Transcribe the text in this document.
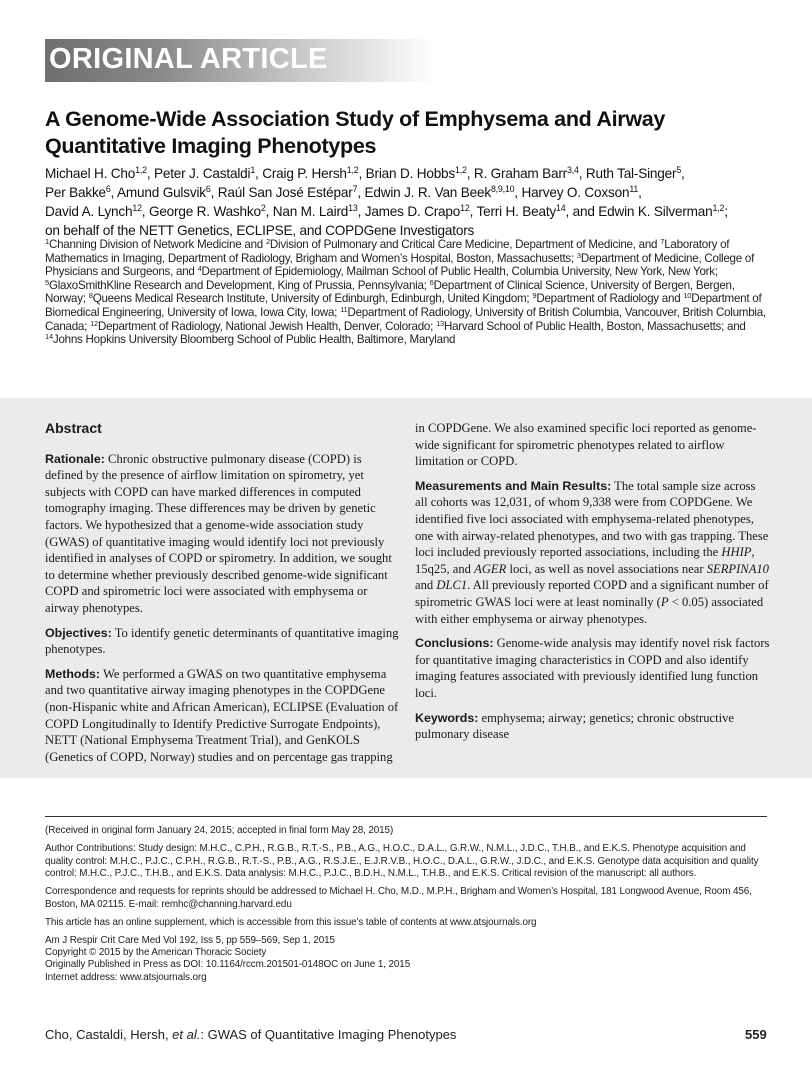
ORIGINAL ARTICLE
A Genome-Wide Association Study of Emphysema and Airway Quantitative Imaging Phenotypes
Michael H. Cho$^{1,2}$, Peter J. Castaldi$^1$, Craig P. Hersh$^{1,2}$, Brian D. Hobbs$^{1,2}$, R. Graham Barr$^{3,4}$, Ruth Tal-Singer$^5$,
Per Bakke$^6$, Amund Gulsvik$^6$, Raúl San José Estépar$^7$, Edwin J. R. Van Beek$^{8,9,10}$, Harvey O. Coxson$^{11}$,
David A. Lynch$^{12}$, George R. Washko$^2$, Nan M. Laird$^{13}$, James D. Crapo$^{12}$, Terri H. Beaty$^{14}$, and Edwin K. Silverman$^{1,2}$;
on behalf of the NETT Genetics, ECLIPSE, and COPDGene Investigators
$^1$Channing Division of Network Medicine and $^2$Division of Pulmonary and Critical Care Medicine, Department of Medicine, and $^7$Laboratory of Mathematics in Imaging, Department of Radiology, Brigham and Women’s Hospital, Boston, Massachusetts; $^3$Department of Medicine, College of Physicians and Surgeons, and $^4$Department of Epidemiology, Mailman School of Public Health, Columbia University, New York, New York; $^5$GlaxoSmithKline Research and Development, King of Prussia, Pennsylvania; $^6$Department of Clinical Science, University of Bergen, Bergen, Norway; $^8$Queens Medical Research Institute, University of Edinburgh, Edinburgh, United Kingdom; $^9$Department of Radiology and $^{10}$Department of Biomedical Engineering, University of Iowa, Iowa City, Iowa; $^{11}$Department of Radiology, University of British Columbia, Vancouver, British Columbia, Canada; $^{12}$Department of Radiology, National Jewish Health, Denver, Colorado; $^{13}$Harvard School of Public Health, Boston, Massachusetts; and $^{14}$Johns Hopkins University Bloomberg School of Public Health, Baltimore, Maryland
Abstract

Rationale: Chronic obstructive pulmonary disease (COPD) is defined by the presence of airflow limitation on spirometry, yet subjects with COPD can have marked differences in computed tomography imaging. These differences may be driven by genetic factors. We hypothesized that a genome-wide association study (GWAS) of quantitative imaging would identify loci not previously identified in analyses of COPD or spirometry. In addition, we sought to determine whether previously described genome-wide significant COPD and spirometric loci were associated with emphysema or airway phenotypes.

Objectives: To identify genetic determinants of quantitative imaging phenotypes.

Methods: We performed a GWAS on two quantitative emphysema and two quantitative airway imaging phenotypes in the COPDGene (non-Hispanic white and African American), ECLIPSE (Evaluation of COPD Longitudinally to Identify Predictive Surrogate Endpoints), NETT (National Emphysema Treatment Trial), and GenKOLS (Genetics of COPD, Norway) studies and on percentage gas trapping

in COPDGene. We also examined specific loci reported as genome-wide significant for spirometric phenotypes related to airflow limitation or COPD.

Measurements and Main Results: The total sample size across all cohorts was 12,031, of whom 9,338 were from COPDGene. We identified five loci associated with emphysema-related phenotypes, one with airway-related phenotypes, and two with gas trapping. These loci included previously reported associations, including the HHIP, 15q25, and AGER loci, as well as novel associations near SERPINA10 and DLC1. All previously reported COPD and a significant number of spirometric GWAS loci were at least nominally (P < 0.05) associated with either emphysema or airway phenotypes.

Conclusions: Genome-wide analysis may identify novel risk factors for quantitative imaging characteristics in COPD and also identify imaging features associated with previously identified lung function loci.

Keywords: emphysema; airway; genetics; chronic obstructive pulmonary disease

(Received in original form January 24, 2015; accepted in final form May 28, 2015)

Author Contributions: Study design: M.H.C., C.P.H., R.G.B., R.T.-S., P.B., A.G., H.O.C., D.A.L., G.R.W., N.M.L., J.D.C., T.H.B., and E.K.S. Phenotype acquisition and quality control: M.H.C., P.J.C., C.P.H., R.G.B., R.T.-S., P.B., A.G., R.S.J.E., E.J.R.V.B., H.O.C., D.A.L., G.R.W., J.D.C., and E.K.S. Genotype data acquisition and quality control: M.H.C., P.J.C., T.H.B., and E.K.S. Data analysis: M.H.C., P.J.C., B.D.H., N.M.L., T.H.B., and E.K.S. Critical revision of the manuscript: all authors.

Correspondence and requests for reprints should be addressed to Michael H. Cho, M.D., M.P.H., Brigham and Women’s Hospital, 181 Longwood Avenue, Room 456, Boston, MA 02115. E-mail: remhc@channing.harvard.edu

This article has an online supplement, which is accessible from this issue’s table of contents at www.atsjournals.org

Am J Respir Crit Care Med Vol 192, Iss 5, pp 559–569, Sep 1, 2015

Copyright © 2015 by the American Thoracic Society

Originally Published in Press as DOI: 10.1164/rccm.201501-0148OC on June 1, 2015

Internet address: www.atsjournals.org

Cho, Castaldi, Hersh, et al.: GWAS of Quantitative Imaging Phenotypes	559
